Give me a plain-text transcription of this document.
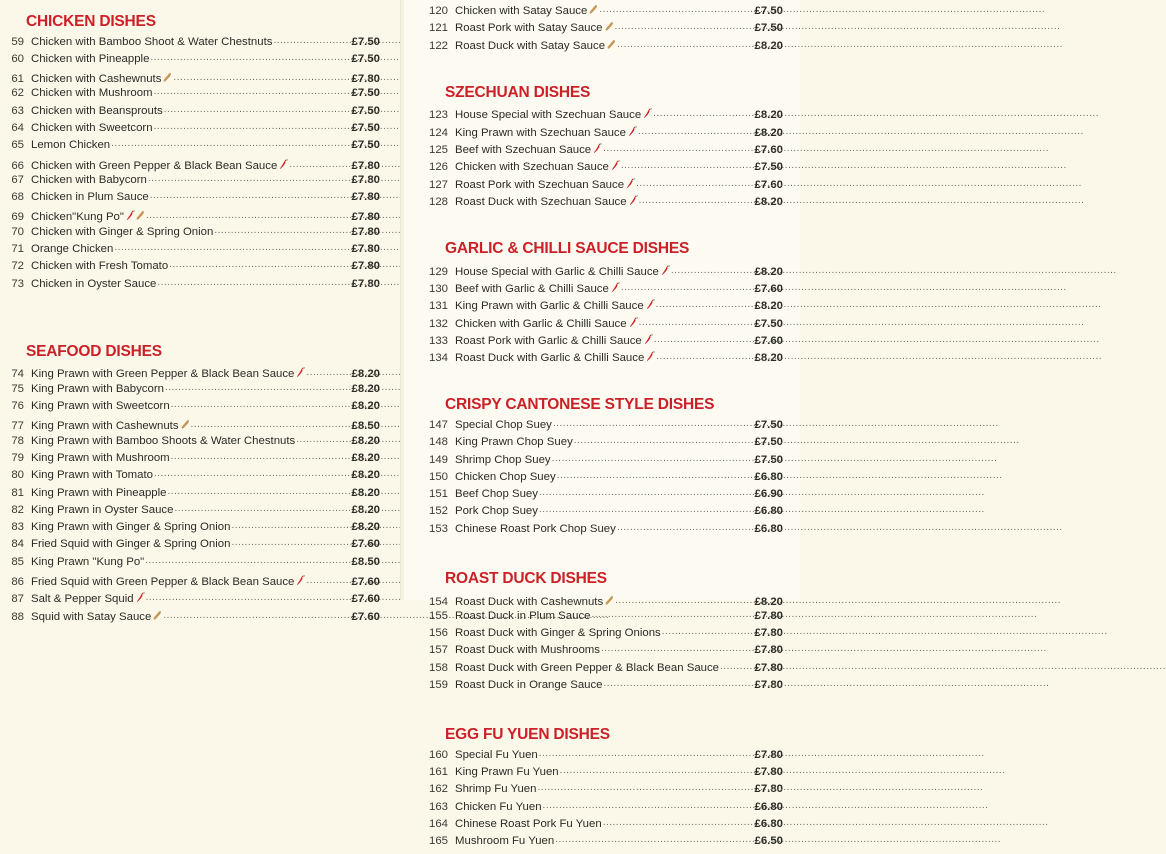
CHICKEN DISHES
59 Chicken with Bamboo Shoot & Water Chestnuts .....	£7.50
60 Chicken with Pineapple .....	£7.50
61 Chicken with Cashewnuts .....	£7.80
62 Chicken with Mushroom .....	£7.50
63 Chicken with Beansprouts .....	£7.50
64 Chicken with Sweetcorn .....	£7.50
65 Lemon Chicken .....	£7.50
66 Chicken with Green Pepper & Black Bean Sauce .....	£7.80
67 Chicken with Babycorn .....	£7.80
68 Chicken in Plum Sauce .....	£7.80
69 Chicken"Kung Po" .....	£7.80
70 Chicken with Ginger & Spring Onion .....	£7.80
71 Orange Chicken .....	£7.80
72 Chicken with Fresh Tomato .....	£7.80
73 Chicken in Oyster Sauce .....	£7.80
SEAFOOD DISHES
74 King Prawn with Green Pepper & Black Bean Sauce .....	£8.20
75 King Prawn with Babycorn .....	£8.20
76 King Prawn with Sweetcorn .....	£8.20
77 King Prawn with Cashewnuts .....	£8.50
78 King Prawn with Bamboo Shoots & Water Chestnuts .....	£8.20
79 King Prawn with Mushroom .....	£8.20
80 King Prawn with Tomato .....	£8.20
81 King Prawn with Pineapple .....	£8.20
82 King Prawn in Oyster Sauce .....	£8.20
83 King Prawn with Ginger & Spring Onion .....	£8.20
84 Fried Squid with Ginger & Spring Onion .....	£7.60
85 King Prawn "Kung Po" .....	£8.50
86 Fried Squid with Green Pepper & Black Bean Sauce .....	£7.60
87 Salt & Pepper Squid .....	£7.60
88 Squid with Satay Sauce .....	£7.60
120 Chicken with Satay Sauce .....	£7.50
121 Roast Pork with Satay Sauce .....	£7.50
122 Roast Duck with Satay Sauce .....	£8.20
SZECHUAN DISHES
123 House Special with Szechuan Sauce .....	£8.20
124 King Prawn with Szechuan Sauce .....	£8.20
125 Beef with Szechuan Sauce .....	£7.60
126 Chicken with Szechuan Sauce .....	£7.50
127 Roast Pork with Szechuan Sauce .....	£7.60
128 Roast Duck with Szechuan Sauce .....	£8.20
GARLIC & CHILLI SAUCE DISHES
129 House Special with Garlic & Chilli Sauce .....	£8.20
130 Beef with Garlic & Chilli Sauce .....	£7.60
131 King Prawn with Garlic & Chilli Sauce .....	£8.20
132 Chicken with Garlic & Chilli Sauce .....	£7.50
133 Roast Pork with Garlic & Chilli Sauce .....	£7.60
134 Roast Duck with Garlic & Chilli Sauce .....	£8.20
CRISPY CANTONESE STYLE DISHES
147 Special Chop Suey .....	£7.50
148 King Prawn Chop Suey .....	£7.50
149 Shrimp Chop Suey .....	£7.50
150 Chicken Chop Suey .....	£6.80
151 Beef Chop Suey .....	£6.90
152 Pork Chop Suey .....	£6.80
153 Chinese Roast Pork Chop Suey .....	£6.80
ROAST DUCK DISHES
154 Roast Duck with Cashewnuts .....	£8.20
155 Roast Duck in Plum Sauce .....	£7.80
156 Roast Duck with Ginger & Spring Onions .....	£7.80
157 Roast Duck with Mushrooms .....	£7.80
158 Roast Duck with Green Pepper & Black Bean Sauce .....	£7.80
159 Roast Duck in Orange Sauce .....	£7.80
EGG FU YUEN DISHES
160 Special Fu Yuen .....	£7.80
161 King Prawn Fu Yuen .....	£7.80
162 Shrimp Fu Yuen .....	£7.80
163 Chicken Fu Yuen .....	£6.80
164 Chinese Roast Pork Fu Yuen .....	£6.80
165 Mushroom Fu Yuen .....	£6.50
